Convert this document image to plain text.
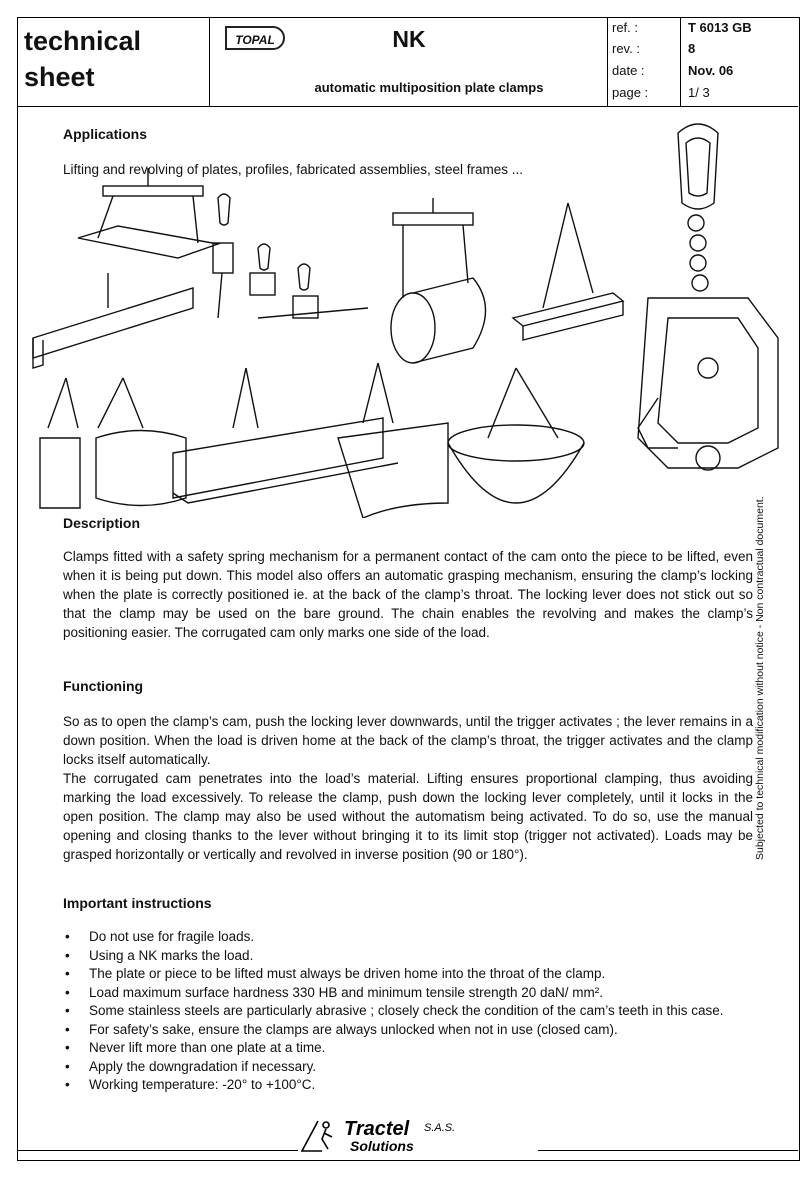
technical
sheet
TOPAL	NK
automatic multiposition plate clamps
ref. :	T 6013 GB
rev. :	8
date :	Nov. 06
page :	1/ 3
Applications
Lifting and revolving of plates, profiles, fabricated assemblies, steel frames ...
Description
Clamps fitted with a safety spring mechanism for a permanent contact of the cam onto the piece to be lifted, even when it is being put down. This model also offers an automatic grasping mechanism, ensuring the clamp’s locking when the plate is correctly positioned ie. at the back of the clamp’s throat. The locking lever does not stick out so that the clamp may be used on the bare ground. The chain enables the revolving and makes the clamp’s positioning easier. The corrugated cam only marks one side of the load.
Functioning

So as to open the clamp’s cam, push the locking lever downwards, until the trigger activates ; the lever remains in a down position. When the load is driven home at the back of the clamp’s throat, the trigger activates and the clamp locks itself automatically.

The corrugated cam penetrates into the load’s material. Lifting ensures proportional clamping, thus avoiding marking the load excessively. To release the clamp, push down the locking lever completely, until it locks in the open position. The clamp may also be used without the automatism being activated. To do so, use the manual opening and closing thanks to the lever without bringing it to its limit stop (trigger not activated). Loads may be grasped horizontally or vertically and revolved in inverse position (90 or 180°).

Important instructions
• Do not use for fragile loads.
• Using a NK marks the load.
• The plate or piece to be lifted must always be driven home into the throat of the clamp.
• Load maximum surface hardness 330 HB and minimum tensile strength 20 daN/ mm².
• Some stainless steels are particularly abrasive ; closely check the condition of the cam’s teeth in this case.
• For safety’s sake, ensure the clamps are always unlocked when not in use (closed cam).
• Never lift more than one plate at a time.
• Apply the downgradation if necessary.
• Working temperature: -20° to +100°C.
Subjected to technical modification without notice - Non contractual document.
Tractel
Solutions
S.A.S.
